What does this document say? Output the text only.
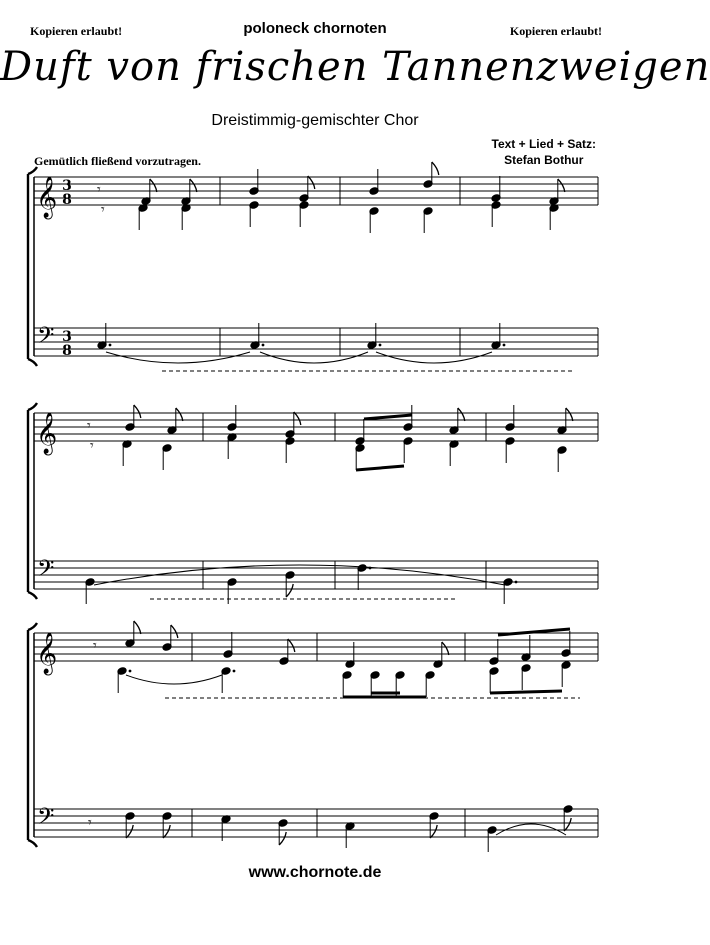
Kopieren erlaubt!	poloneck chornoten	Kopieren erlaubt!
Duft von frischen Tannenzweigen
Dreistimmig-gemischter Chor
Text + Lied + Satz:
Stefan Bothur
Gemütlich fließend vorzutragen.
𝄞
𝄢
3
8
3
8
𝄞
𝄢
𝄞
𝄢
𝄾
𝄾
𝄾
𝄾
𝄾
𝄾
www.chornote.de
